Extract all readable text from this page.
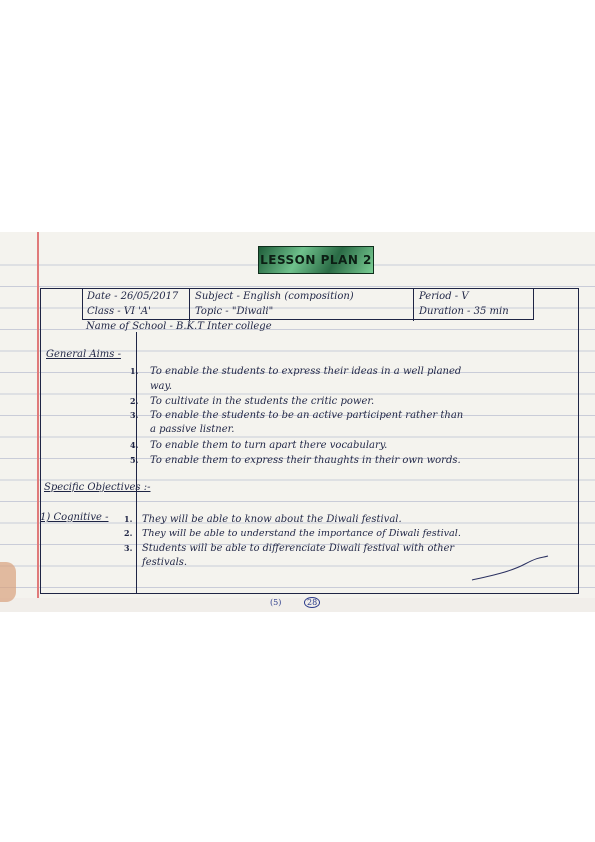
LESSON PLAN 2
Date - 26/05/2017
Class - VI 'A'
Subject - English (composition)
Topic - "Diwali"
Period - V
Duration - 35 min
Name of School - B.K.T Inter college
General Aims -
1. To enable the students to express their ideas in a well planed
way.
2. To cultivate in the students the critic power.
3. To enable the students to be an active participent rather than
a passive listner.
4. To enable them to turn apart there vocabulary.
5. To enable them to express their thaughts in their own words.
Specific Objectives :-
1) Cognitive - 1. They will be able to know about the Diwali festival.
2. They will be able to understand the importance of Diwali festival.
3. Students will be able to differenciate Diwali festival with other
festivals.
(5)	28
